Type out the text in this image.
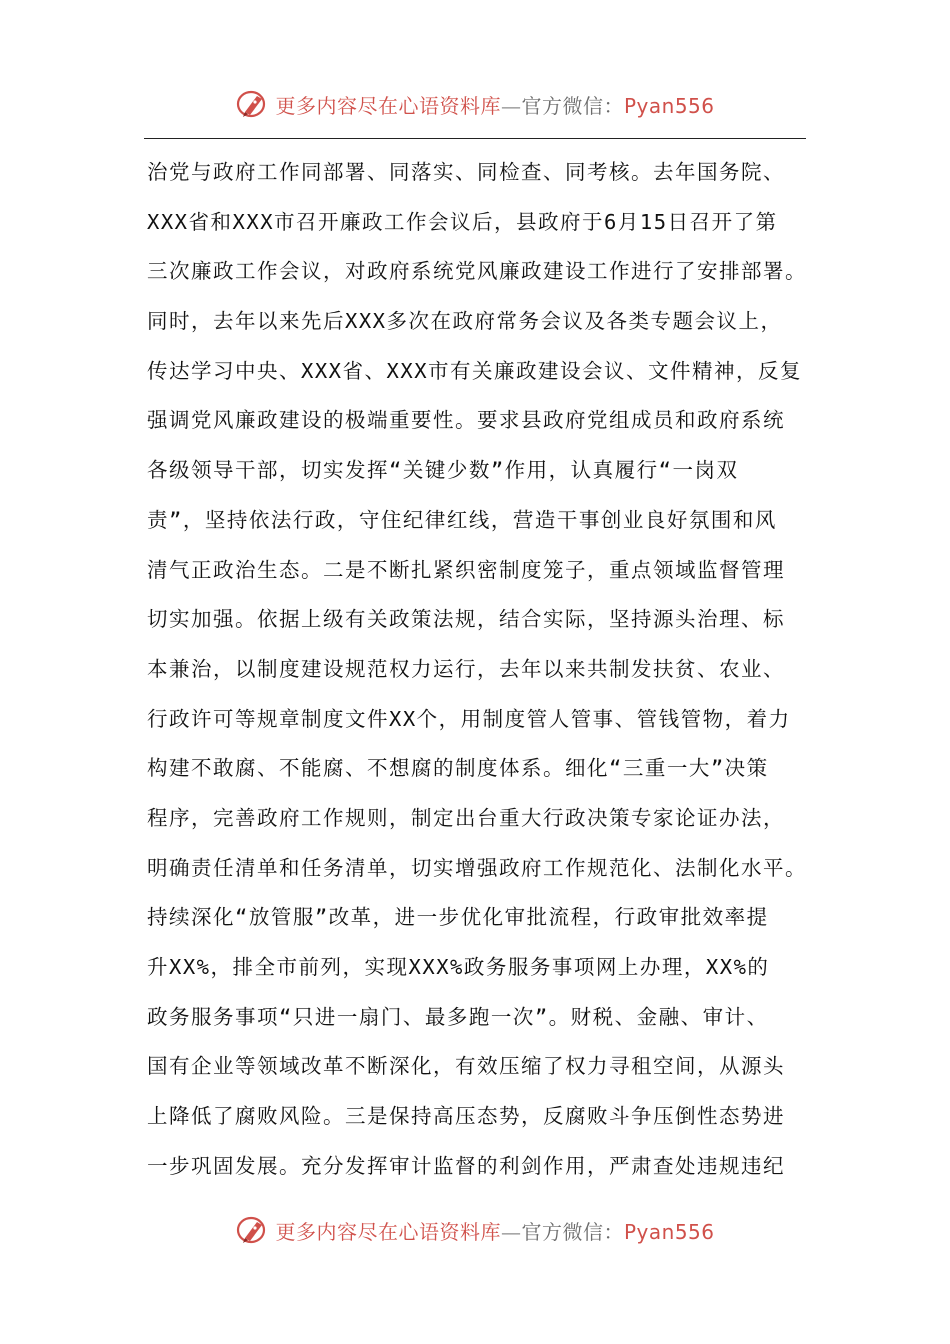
更多内容尽在心语资料库—官方微信：Pyan556
治党与政府工作同部署、同落实、同检查、同考核。去年国务院、
XXX省和XXX市召开廉政工作会议后，县政府于6月15日召开了第
三次廉政工作会议，对政府系统党风廉政建设工作进行了安排部署。
同时，去年以来先后XXX多次在政府常务会议及各类专题会议上，
传达学习中央、XXX省、XXX市有关廉政建设会议、文件精神，反复
强调党风廉政建设的极端重要性。要求县政府党组成员和政府系统
各级领导干部，切实发挥“关键少数”作用，认真履行“一岗双
责”，坚持依法行政，守住纪律红线，营造干事创业良好氛围和风
清气正政治生态。二是不断扎紧织密制度笼子，重点领域监督管理
切实加强。依据上级有关政策法规，结合实际，坚持源头治理、标
本兼治，以制度建设规范权力运行，去年以来共制发扶贫、农业、
行政许可等规章制度文件XX个，用制度管人管事、管钱管物，着力
构建不敢腐、不能腐、不想腐的制度体系。细化“三重一大”决策
程序，完善政府工作规则，制定出台重大行政决策专家论证办法，
明确责任清单和任务清单，切实增强政府工作规范化、法制化水平。
持续深化“放管服”改革，进一步优化审批流程，行政审批效率提
升XX%，排全市前列，实现XXX%政务服务事项网上办理，XX%的
政务服务事项“只进一扇门、最多跑一次”。财税、金融、审计、
国有企业等领域改革不断深化，有效压缩了权力寻租空间，从源头
上降低了腐败风险。三是保持高压态势，反腐败斗争压倒性态势进
一步巩固发展。充分发挥审计监督的利剑作用，严肃查处违规违纪
更多内容尽在心语资料库—官方微信：Pyan556
